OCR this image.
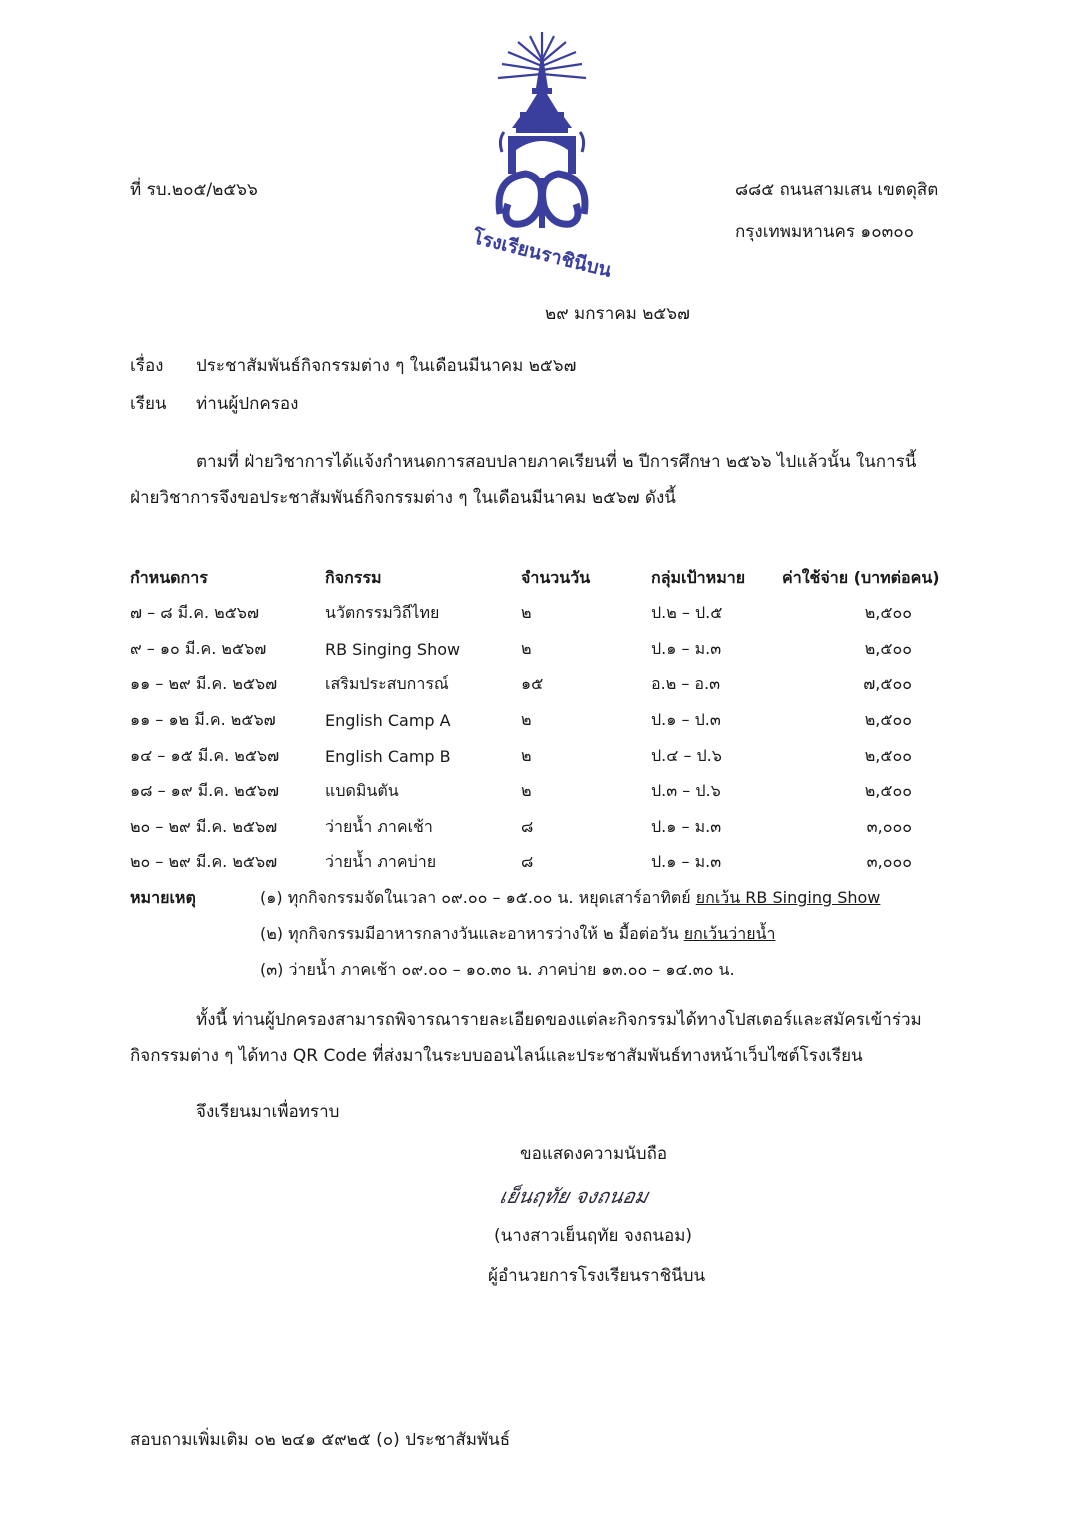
ที่ รบ.๒๐๕/๒๕๖๖
โรงเรียนราชินีบน
๘๘๕ ถนนสามเสน เขตดุสิต
กรุงเทพมหานคร ๑๐๓๐๐
๒๙ มกราคม ๒๕๖๗
เรื่อง ประชาสัมพันธ์กิจกรรมต่าง ๆ ในเดือนมีนาคม ๒๕๖๗
เรียน ท่านผู้ปกครอง
ตามที่ ฝ่ายวิชาการได้แจ้งกำหนดการสอบปลายภาคเรียนที่ ๒ ปีการศึกษา ๒๕๖๖ ไปแล้วนั้น ในการนี้ ฝ่ายวิชาการจึงขอประชาสัมพันธ์กิจกรรมต่าง ๆ ในเดือนมีนาคม ๒๕๖๗ ดังนี้
กำหนดการ	กิจกรรม	จำนวนวัน	กลุ่มเป้าหมาย	ค่าใช้จ่าย (บาทต่อคน)
๗ – ๘ มี.ค. ๒๕๖๗	นวัตกรรมวิถีไทย	๒	ป.๒ – ป.๕	๒,๕๐๐
๙ – ๑๐ มี.ค. ๒๕๖๗	RB Singing Show	๒	ป.๑ – ม.๓	๒,๕๐๐
๑๑ – ๒๙ มี.ค. ๒๕๖๗	เสริมประสบการณ์	๑๕	อ.๒ – อ.๓	๗,๕๐๐
๑๑ – ๑๒ มี.ค. ๒๕๖๗	English Camp A	๒	ป.๑ – ป.๓	๒,๕๐๐
๑๔ – ๑๕ มี.ค. ๒๕๖๗	English Camp B	๒	ป.๔ – ป.๖	๒,๕๐๐
๑๘ – ๑๙ มี.ค. ๒๕๖๗	แบดมินตัน	๒	ป.๓ – ป.๖	๒,๕๐๐
๒๐ – ๒๙ มี.ค. ๒๕๖๗	ว่ายน้ำ ภาคเช้า	๘	ป.๑ – ม.๓	๓,๐๐๐
๒๐ – ๒๙ มี.ค. ๒๕๖๗	ว่ายน้ำ ภาคบ่าย	๘	ป.๑ – ม.๓	๓,๐๐๐
หมายเหตุ	(๑) ทุกกิจกรรมจัดในเวลา ๐๙.๐๐ – ๑๕.๐๐ น. หยุดเสาร์อาทิตย์ ยกเว้น RB Singing Show
(๒) ทุกกิจกรรมมีอาหารกลางวันและอาหารว่างให้ ๒ มื้อต่อวัน ยกเว้นว่ายน้ำ
(๓) ว่ายน้ำ ภาคเช้า ๐๙.๐๐ – ๑๐.๓๐ น. ภาคบ่าย ๑๓.๐๐ – ๑๔.๓๐ น.
ทั้งนี้ ท่านผู้ปกครองสามารถพิจารณารายละเอียดของแต่ละกิจกรรมได้ทางโปสเตอร์และสมัครเข้าร่วมกิจกรรมต่าง ๆ ได้ทาง QR Code ที่ส่งมาในระบบออนไลน์และประชาสัมพันธ์ทางหน้าเว็บไซต์โรงเรียน
จึงเรียนมาเพื่อทราบ
ขอแสดงความนับถือ
เย็นฤทัย จงถนอม
(นางสาวเย็นฤทัย จงถนอม)
ผู้อำนวยการโรงเรียนราชินีบน
สอบถามเพิ่มเติม ๐๒ ๒๔๑ ๕๙๒๕ (๐) ประชาสัมพันธ์
